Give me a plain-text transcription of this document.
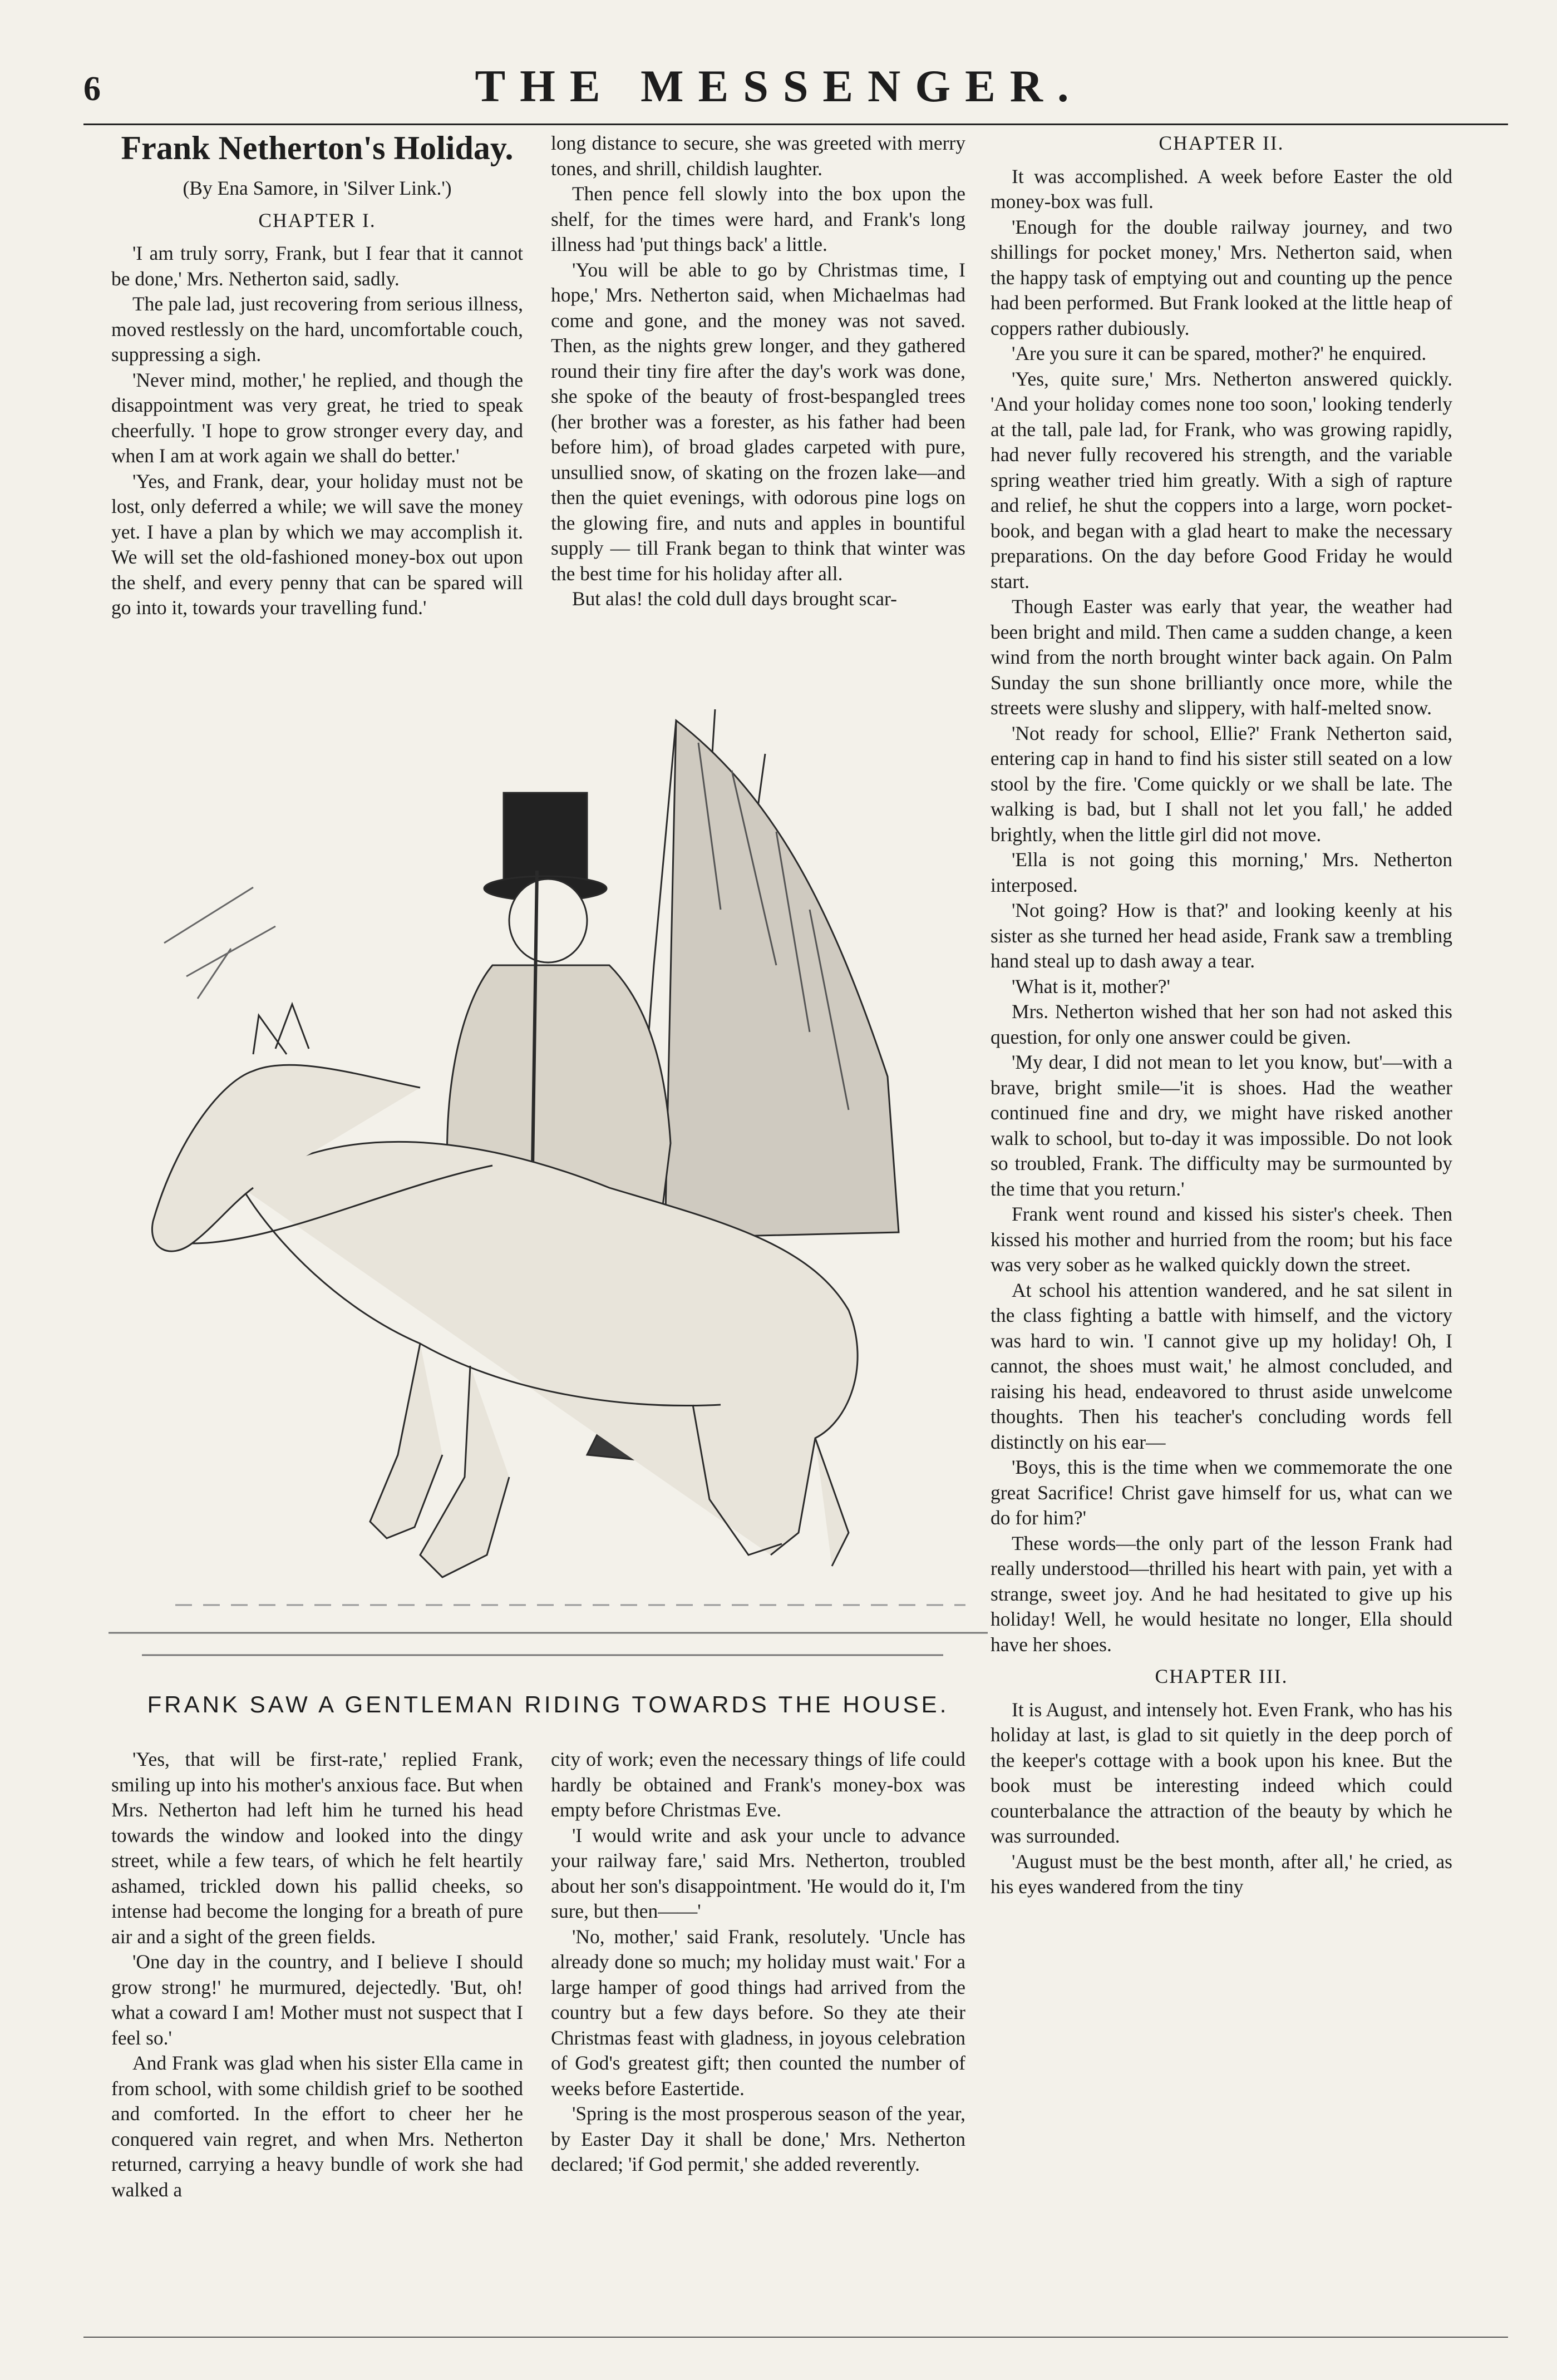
6	THE MESSENGER.
Frank Netherton's Holiday.
(By Ena Samore, in 'Silver Link.')
CHAPTER I.

'I am truly sorry, Frank, but I fear that it cannot be done,' Mrs. Netherton said, sadly.

The pale lad, just recovering from serious illness, moved restlessly on the hard, uncomfortable couch, suppressing a sigh.

'Never mind, mother,' he replied, and though the disappointment was very great, he tried to speak cheerfully. 'I hope to grow stronger every day, and when I am at work again we shall do better.'

'Yes, and Frank, dear, your holiday must not be lost, only deferred a while; we will save the money yet. I have a plan by which we may accomplish it. We will set the old-fashioned money-box out upon the shelf, and every penny that can be spared will go into it, towards your travelling fund.'

long distance to secure, she was greeted with merry tones, and shrill, childish laughter.

Then pence fell slowly into the box upon the shelf, for the times were hard, and Frank's long illness had 'put things back' a little.

'You will be able to go by Christmas time, I hope,' Mrs. Netherton said, when Michaelmas had come and gone, and the money was not saved. Then, as the nights grew longer, and they gathered round their tiny fire after the day's work was done, she spoke of the beauty of frost-bespangled trees (her brother was a forester, as his father had been before him), of broad glades carpeted with pure, unsullied snow, of skating on the frozen lake—and then the quiet evenings, with odorous pine logs on the glowing fire, and nuts and apples in bountiful supply — till Frank began to think that winter was the best time for his holiday after all.

But alas! the cold dull days brought scar-

CHAPTER II.

It was accomplished. A week before Easter the old money-box was full.

'Enough for the double railway journey, and two shillings for pocket money,' Mrs. Netherton said, when the happy task of emptying out and counting up the pence had been performed. But Frank looked at the little heap of coppers rather dubiously.

'Are you sure it can be spared, mother?' he enquired.

'Yes, quite sure,' Mrs. Netherton answered quickly. 'And your holiday comes none too soon,' looking tenderly at the tall, pale lad, for Frank, who was growing rapidly, had never fully recovered his strength, and the variable spring weather tried him greatly. With a sigh of rapture and relief, he shut the coppers into a large, worn pocket-book, and began with a glad heart to make the necessary preparations. On the day before Good Friday he would start.

Though Easter was early that year, the weather had been bright and mild. Then came a sudden change, a keen wind from the north brought winter back again. On Palm Sunday the sun shone brilliantly once more, while the streets were slushy and slippery, with half-melted snow.

'Not ready for school, Ellie?' Frank Netherton said, entering cap in hand to find his sister still seated on a low stool by the fire. 'Come quickly or we shall be late. The walking is bad, but I shall not let you fall,' he added brightly, when the little girl did not move.

'Ella is not going this morning,' Mrs. Netherton interposed.

'Not going? How is that?' and looking keenly at his sister as she turned her head aside, Frank saw a trembling hand steal up to dash away a tear.

'What is it, mother?'

Mrs. Netherton wished that her son had not asked this question, for only one answer could be given.

'My dear, I did not mean to let you know, but'—with a brave, bright smile—'it is shoes. Had the weather continued fine and dry, we might have risked another walk to school, but to-day it was impossible. Do not look so troubled, Frank. The difficulty may be surmounted by the time that you return.'

Frank went round and kissed his sister's cheek. Then kissed his mother and hurried from the room; but his face was very sober as he walked quickly down the street.

At school his attention wandered, and he sat silent in the class fighting a battle with himself, and the victory was hard to win. 'I cannot give up my holiday! Oh, I cannot, the shoes must wait,' he almost concluded, and raising his head, endeavored to thrust aside unwelcome thoughts. Then his teacher's concluding words fell distinctly on his ear—

'Boys, this is the time when we commemorate the one great Sacrifice! Christ gave himself for us, what can we do for him?'

These words—the only part of the lesson Frank had really understood—thrilled his heart with pain, yet with a strange, sweet joy. And he had hesitated to give up his holiday! Well, he would hesitate no longer, Ella should have her shoes.

CHAPTER III.

It is August, and intensely hot. Even Frank, who has his holiday at last, is glad to sit quietly in the deep porch of the keeper's cottage with a book upon his knee. But the book must be interesting indeed which could counterbalance the attraction of the beauty by which he was surrounded.

'August must be the best month, after all,' he cried, as his eyes wandered from the tiny

FRANK SAW A GENTLEMAN RIDING TOWARDS THE HOUSE.

'Yes, that will be first-rate,' replied Frank, smiling up into his mother's anxious face. But when Mrs. Netherton had left him he turned his head towards the window and looked into the dingy street, while a few tears, of which he felt heartily ashamed, trickled down his pallid cheeks, so intense had become the longing for a breath of pure air and a sight of the green fields.

'One day in the country, and I believe I should grow strong!' he murmured, dejectedly. 'But, oh! what a coward I am! Mother must not suspect that I feel so.'

And Frank was glad when his sister Ella came in from school, with some childish grief to be soothed and comforted. In the effort to cheer her he conquered vain regret, and when Mrs. Netherton returned, carrying a heavy bundle of work she had walked a

city of work; even the necessary things of life could hardly be obtained and Frank's money-box was empty before Christmas Eve.

'I would write and ask your uncle to advance your railway fare,' said Mrs. Netherton, troubled about her son's disappointment. 'He would do it, I'm sure, but then——'

'No, mother,' said Frank, resolutely. 'Uncle has already done so much; my holiday must wait.' For a large hamper of good things had arrived from the country but a few days before. So they ate their Christmas feast with gladness, in joyous celebration of God's greatest gift; then counted the number of weeks before Eastertide.

'Spring is the most prosperous season of the year, by Easter Day it shall be done,' Mrs. Netherton declared; 'if God permit,' she added reverently.
